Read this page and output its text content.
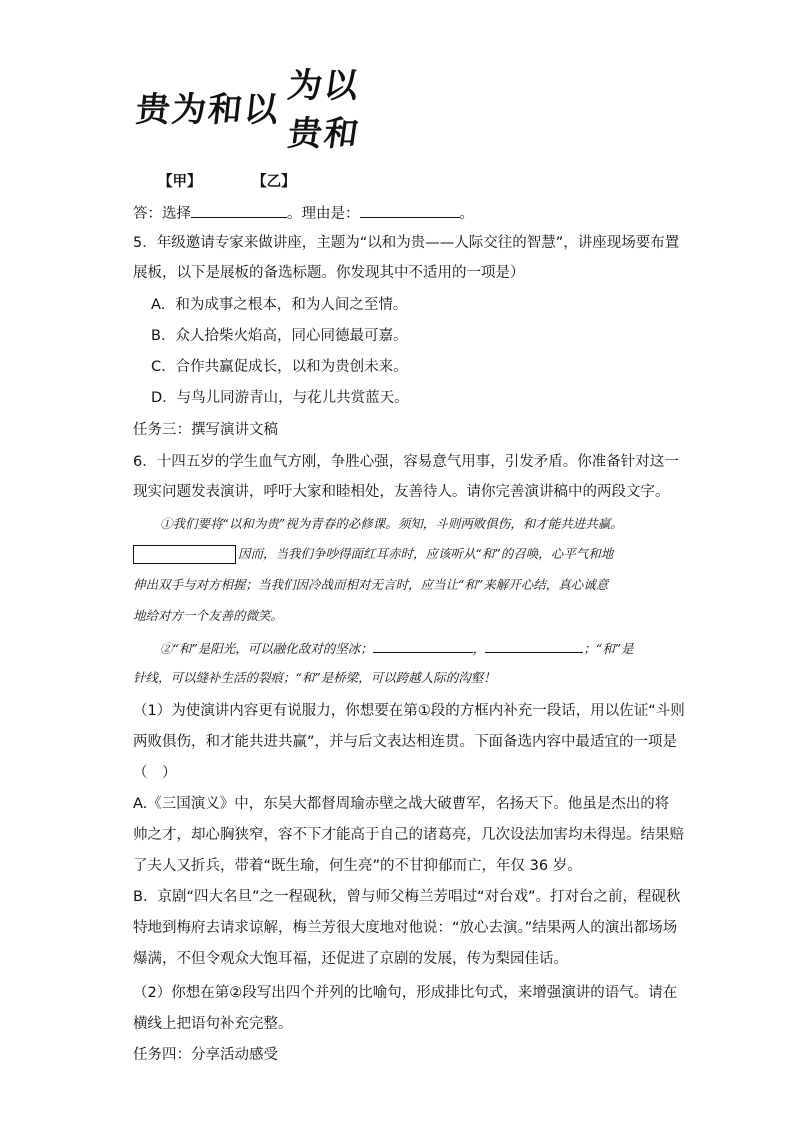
贵为和以
为以
贵和
【甲】	【乙】
答：选择	。理由是：	。
5．年级邀请专家来做讲座，主题为“以和为贵——人际交往的智慧”，讲座现场要布置
展板，以下是展板的备选标题。你发现其中不适用的一项是）
A．和为成事之根本，和为人间之至情。
B．众人拾柴火焰高，同心同德最可嘉。
C．合作共赢促成长，以和为贵创未来。
D．与鸟儿同游青山，与花儿共赏蓝天。
任务三：撰写演讲文稿
6．十四五岁的学生血气方刚，争胜心强，容易意气用事，引发矛盾。你准备针对这一
现实问题发表演讲，呼吁大家和睦相处，友善待人。请你完善演讲稿中的两段文字。
①我们要将“以和为贵”视为青春的必修课。须知，斗则两败俱伤，和才能共进共赢。
因而，当我们争吵得面红耳赤时，应该听从“和”的召唤，心平气和地
伸出双手与对方相握；当我们因冷战而相对无言时，应当让“和”来解开心结，真心诚意
地给对方一个友善的微笑。
②“和”是阳光，可以融化敌对的坚冰；	，	；“和”是
针线，可以缝补生活的裂痕；“和”是桥梁，可以跨越人际的沟壑！
（1）为使演讲内容更有说服力，你想要在第①段的方框内补充一段话，用以佐证“斗则
两败俱伤，和才能共进共赢”，并与后文表达相连贯。下面备选内容中最适宜的一项是
（　）
A.《三国演义》中，东吴大都督周瑜赤壁之战大破曹军，名扬天下。他虽是杰出的将
帅之才，却心胸狭窄，容不下才能高于自己的诸葛亮，几次设法加害均未得逞。结果赔
了夫人又折兵，带着“既生瑜，何生亮”的不甘抑郁而亡，年仅 36 岁。
B．京剧“四大名旦”之一程砚秋，曾与师父梅兰芳唱过“对台戏”。打对台之前，程砚秋
特地到梅府去请求谅解，梅兰芳很大度地对他说：“放心去演。”结果两人的演出都场场
爆满，不但令观众大饱耳福，还促进了京剧的发展，传为梨园佳话。
（2）你想在第②段写出四个并列的比喻句，形成排比句式，来增强演讲的语气。请在
横线上把语句补充完整。
任务四：分享活动感受
